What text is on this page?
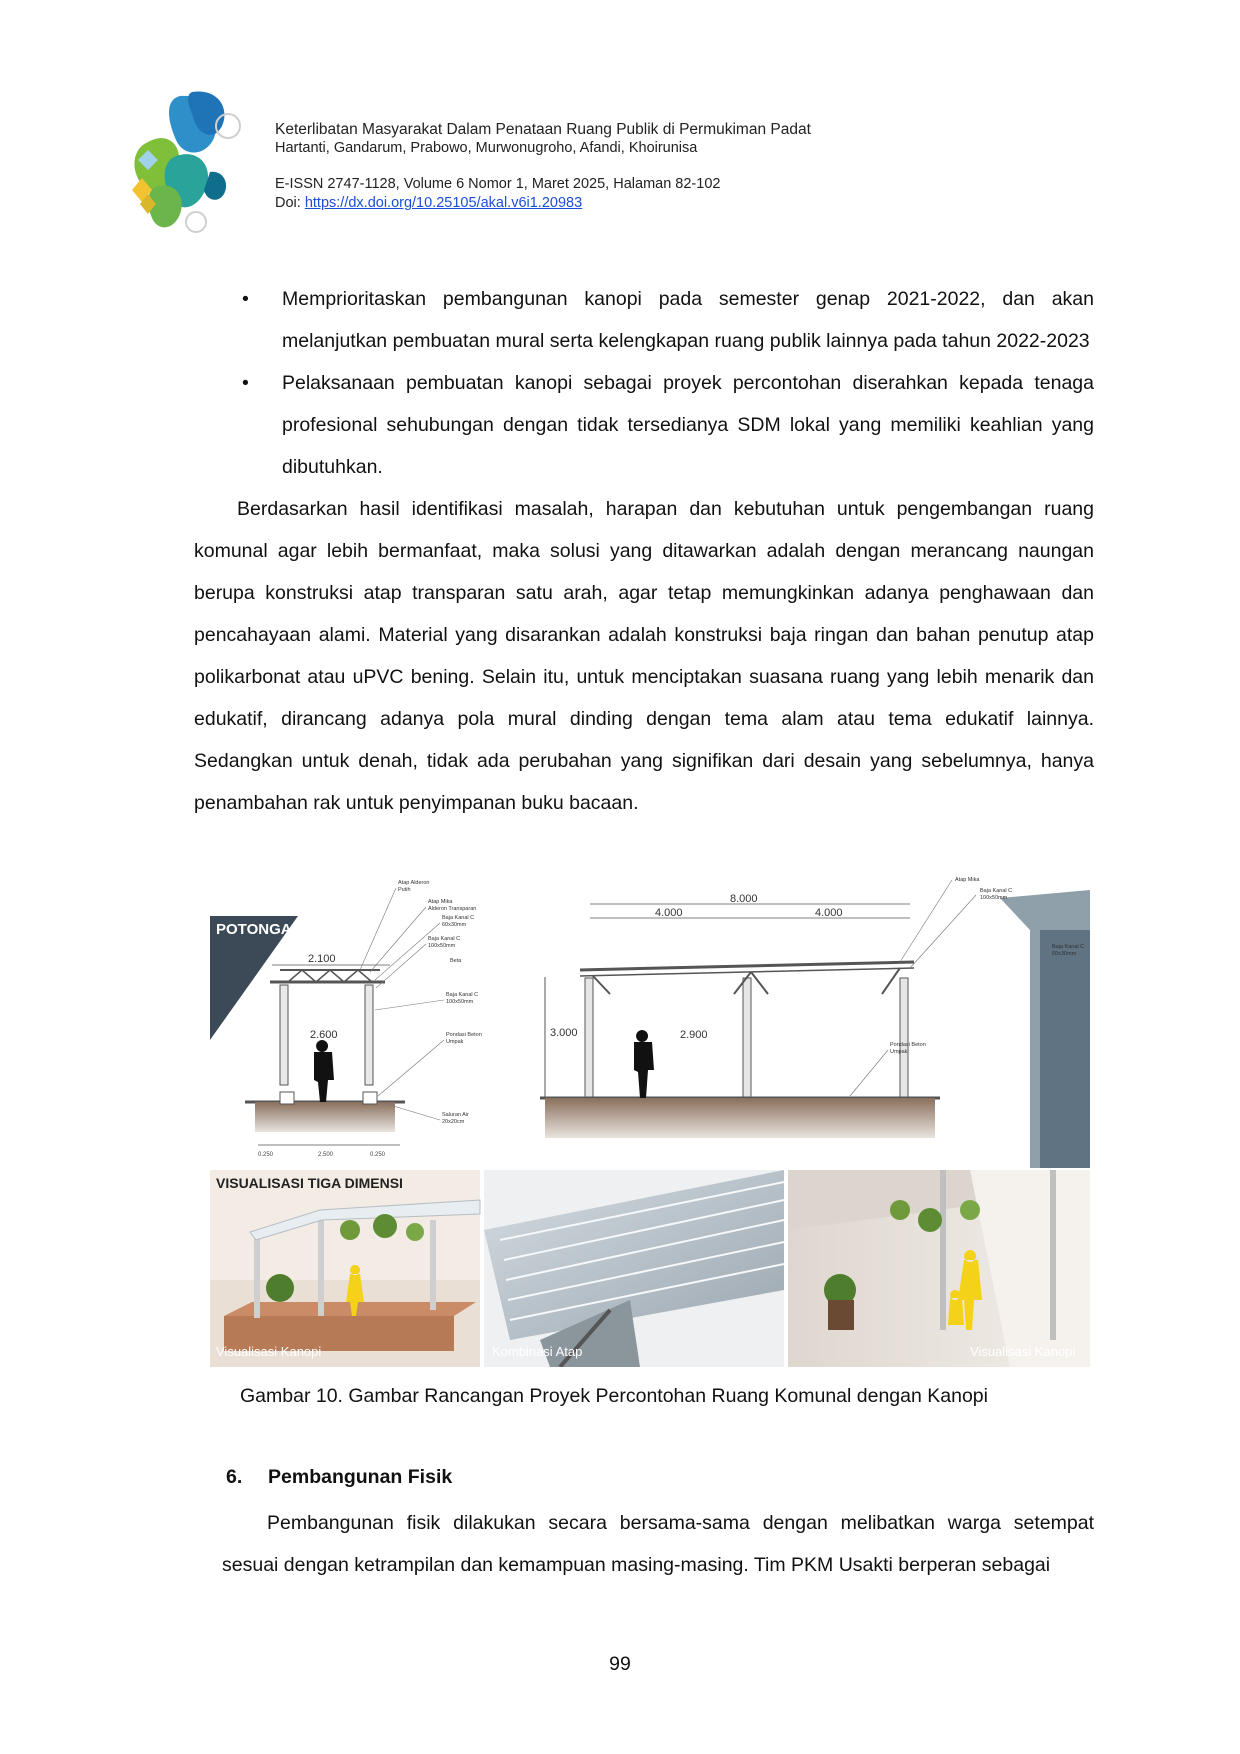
Keterlibatan Masyarakat Dalam Penataan Ruang Publik di Permukiman Padat
Hartanti, Gandarum, Prabowo, Murwonugroho, Afandi, Khoirunisa
E-ISSN 2747-1128, Volume 6 Nomor 1, Maret 2025, Halaman 82-102
Doi: https://dx.doi.org/10.25105/akal.v6i1.20983
• Memprioritaskan pembangunan kanopi pada semester genap 2021-2022, dan akan melanjutkan pembuatan mural serta kelengkapan ruang publik lainnya pada tahun 2022-2023
• Pelaksanaan pembuatan kanopi sebagai proyek percontohan diserahkan kepada tenaga profesional sehubungan dengan tidak tersedianya SDM lokal yang memiliki keahlian yang dibutuhkan.
Berdasarkan hasil identifikasi masalah, harapan dan kebutuhan untuk pengembangan ruang komunal agar lebih bermanfaat, maka solusi yang ditawarkan adalah dengan merancang naungan berupa konstruksi atap transparan satu arah, agar tetap memungkinkan adanya penghawaan dan pencahayaan alami. Material yang disarankan adalah konstruksi baja ringan dan bahan penutup atap polikarbonat atau uPVC bening. Selain itu, untuk menciptakan suasana ruang yang lebih menarik dan edukatif, dirancang adanya pola mural dinding dengan tema alam atau tema edukatif lainnya. Sedangkan untuk denah, tidak ada perubahan yang signifikan dari desain yang sebelumnya, hanya penambahan rak untuk penyimpanan buku bacaan.
POTONGAN
2.100
2.600
8.000
4.000	4.000
3.000	2.900
0.250	2.500	0.250
Atap Alderon
Putih
Atap Mika
Alderon Transparan
Baja Kanal C
60x30mm
Baja Kanal C
100x50mm
Beta
Baja Kanal C
100x50mm
Pondasi Beton
Umpak
Saluran Air
20x20cm
Atap Mika
Baja Kanal C
100x50mm
Baja Kanal C
60x30mm
Pondasi Beton
Umpak
VISUALISASI TIGA DIMENSI
Visualisasi Kanopi	Kombinasi Atap	Visualisasi Kanopi
Gambar 10. Gambar Rancangan Proyek Percontohan Ruang Komunal dengan Kanopi
6. Pembangunan Fisik
Pembangunan fisik dilakukan secara bersama-sama dengan melibatkan warga setempat sesuai dengan ketrampilan dan kemampuan masing-masing. Tim PKM Usakti berperan sebagai
99
